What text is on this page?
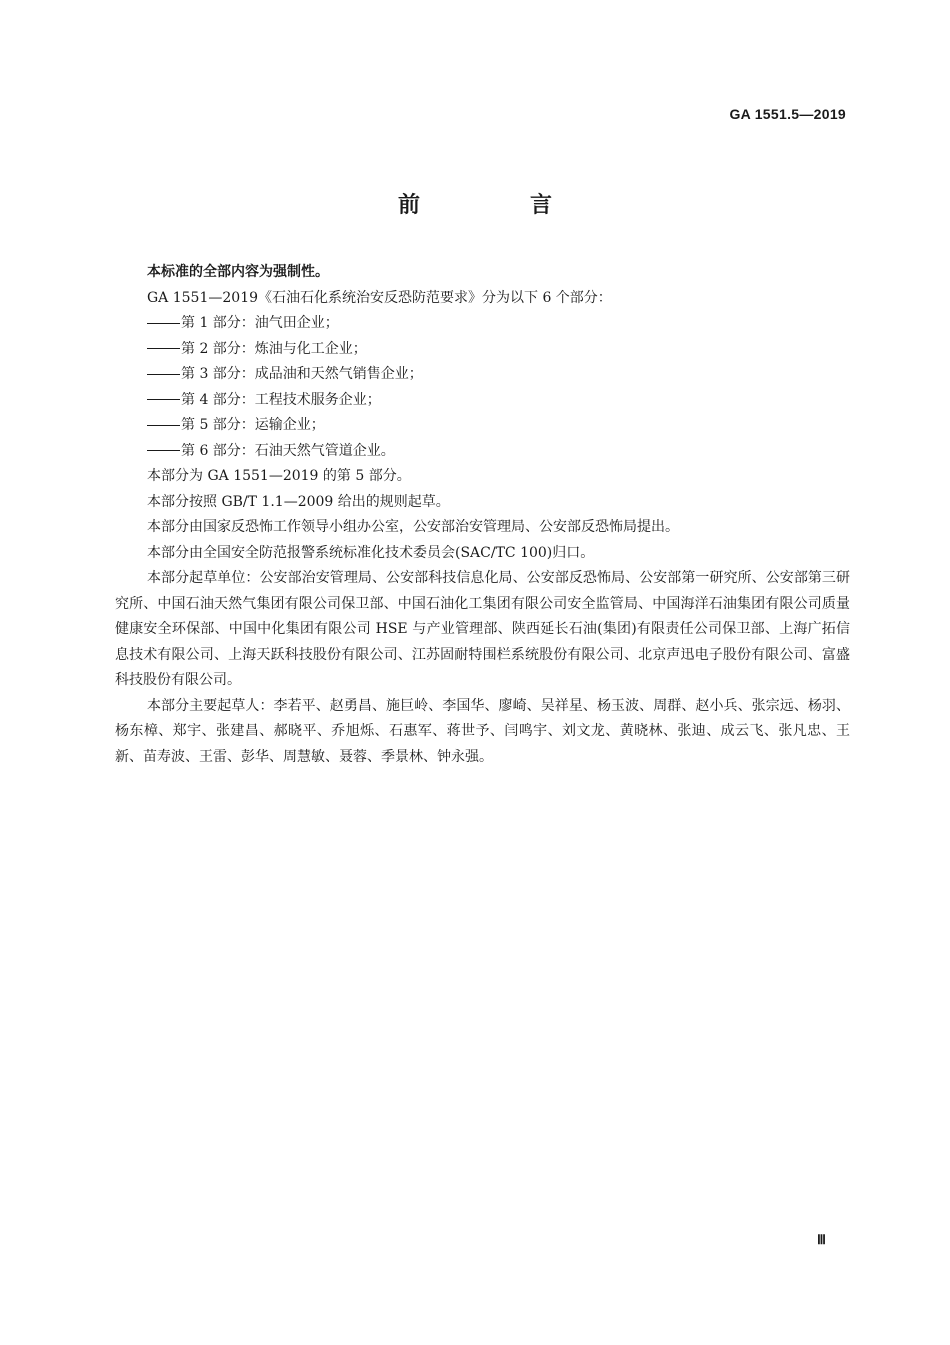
GA 1551.5—2019
前　言

本标准的全部内容为强制性。

GA 1551—2019《石油石化系统治安反恐防范要求》分为以下 6 个部分：

第 1 部分：油气田企业；

第 2 部分：炼油与化工企业；

第 3 部分：成品油和天然气销售企业；

第 4 部分：工程技术服务企业；

第 5 部分：运输企业；

第 6 部分：石油天然气管道企业。

本部分为 GA 1551—2019 的第 5 部分。

本部分按照 GB/T 1.1—2009 给出的规则起草。

本部分由国家反恐怖工作领导小组办公室，公安部治安管理局、公安部反恐怖局提出。

本部分由全国安全防范报警系统标准化技术委员会(SAC/TC 100)归口。

本部分起草单位：公安部治安管理局、公安部科技信息化局、公安部反恐怖局、公安部第一研究所、公安部第三研究所、中国石油天然气集团有限公司保卫部、中国石油化工集团有限公司安全监管局、中国海洋石油集团有限公司质量健康安全环保部、中国中化集团有限公司 HSE 与产业管理部、陕西延长石油(集团)有限责任公司保卫部、上海广拓信息技术有限公司、上海天跃科技股份有限公司、江苏固耐特围栏系统股份有限公司、北京声迅电子股份有限公司、富盛科技股份有限公司。

本部分主要起草人：李若平、赵勇昌、施巨岭、李国华、廖崎、吴祥星、杨玉波、周群、赵小兵、张宗远、杨羽、杨东樟、郑宇、张建昌、郝晓平、乔旭烁、石惠军、蒋世予、闫鸣宇、刘文龙、黄晓林、张迪、成云飞、张凡忠、王新、苗寿波、王雷、彭华、周慧敏、聂蓉、季景林、钟永强。

Ⅲ
